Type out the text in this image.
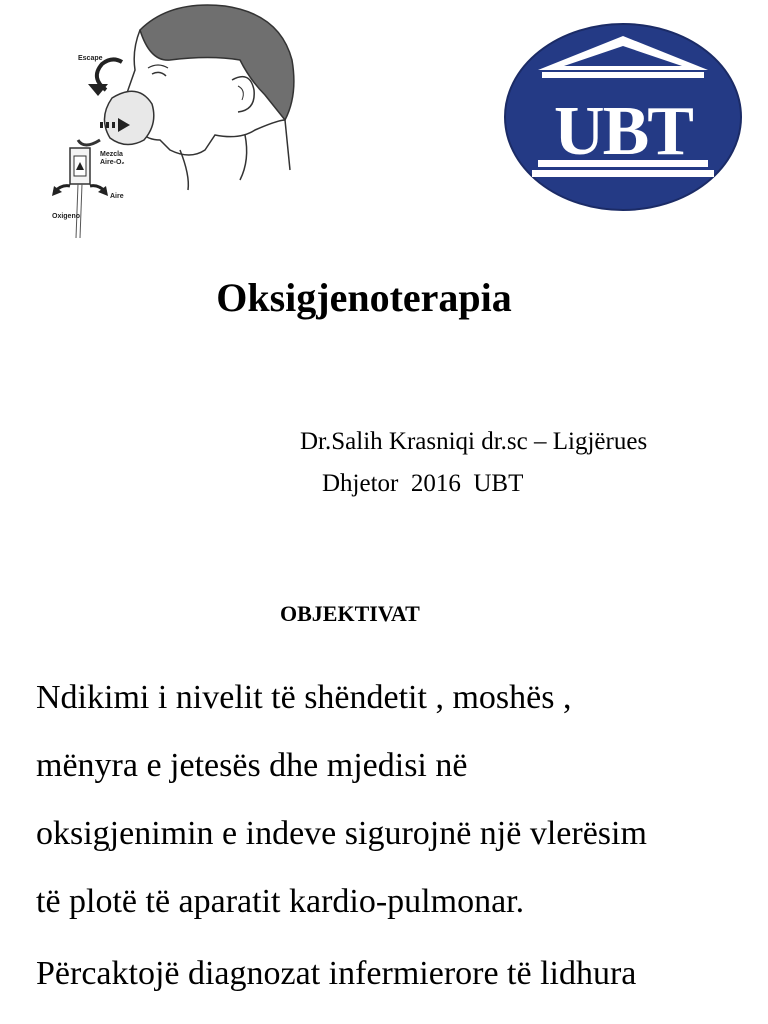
Escape
Mezcla
Aire-O₂
Aire
Oxigeno
UBT
Oksigjenoterapia
Dr.Salih Krasniqi dr.sc – Ligjërues
Dhjetor  2016  UBT
OBJEKTIVAT
Ndikimi i nivelit të shëndetit , moshës ,
mënyra e jetesës dhe mjedisi në
oksigjenimin e indeve sigurojnë një vlerësim
të plotë të aparatit kardio-pulmonar.
Përcaktojë diagnozat infermierore të lidhura
